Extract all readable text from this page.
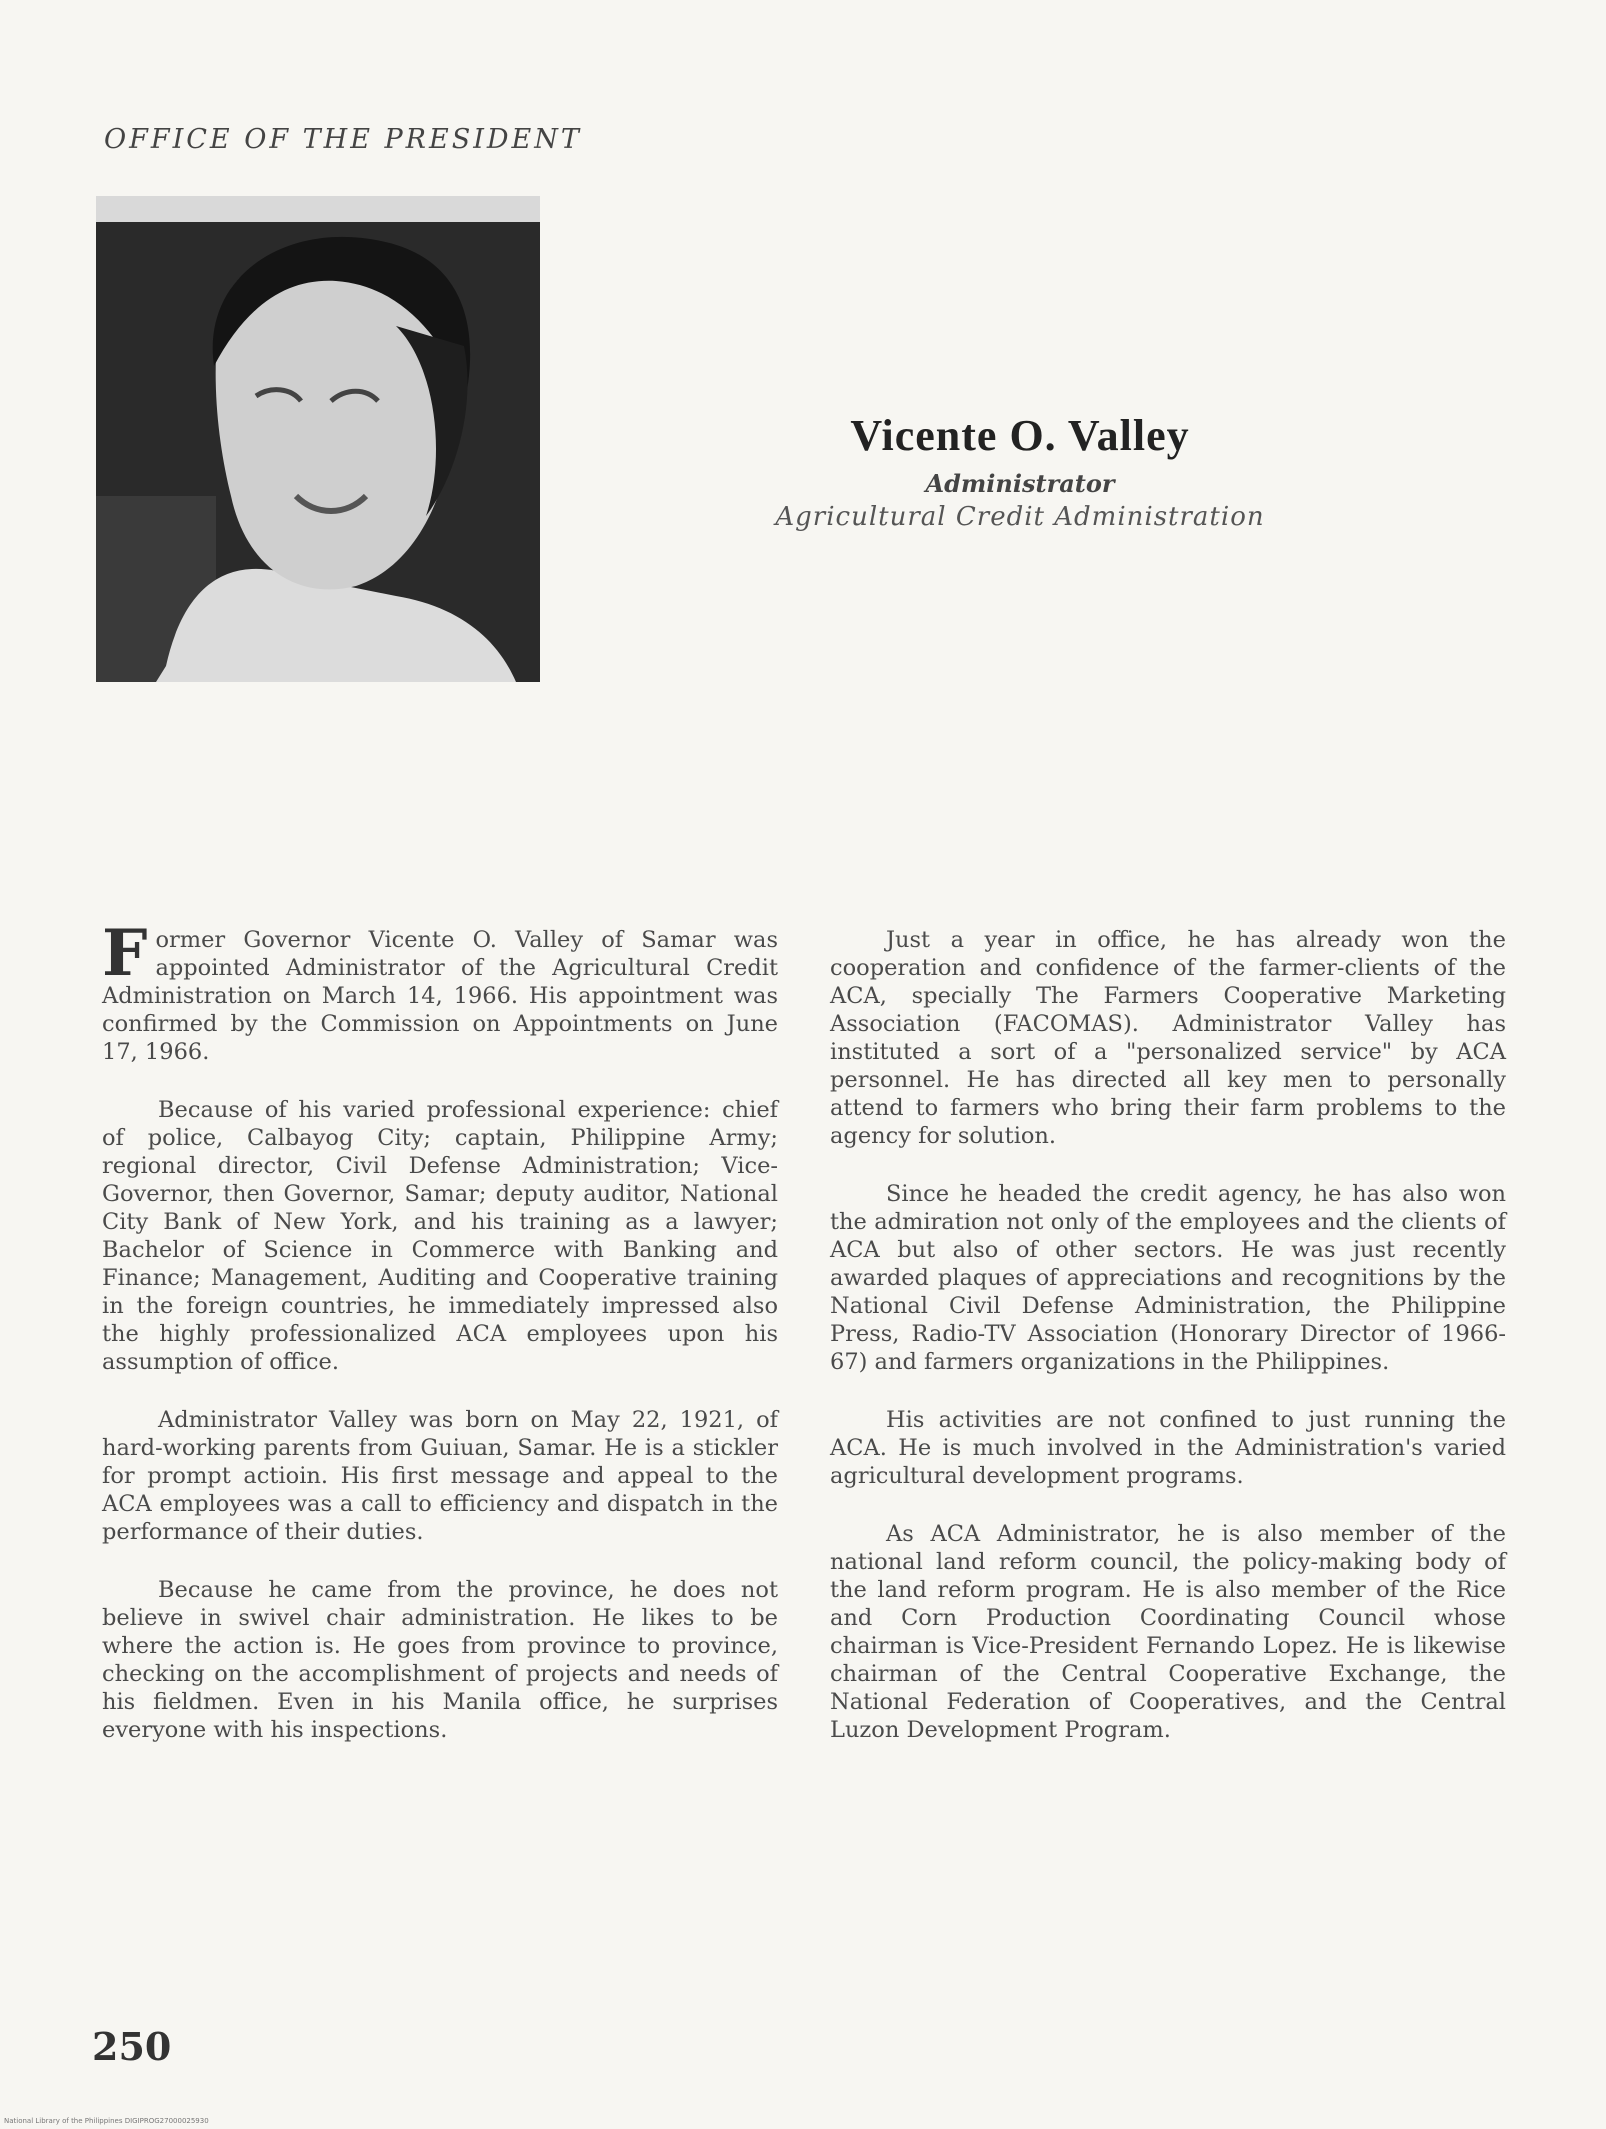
OFFICE OF THE PRESIDENT
Vicente O. Valley
Administrator
Agricultural Credit Administration

F ormer Governor Vicente O. Valley of Samar was appointed Administrator of the Agricultural Credit Administration on March 14, 1966. His appointment was confirmed by the Commission on Appointments on June 17, 1966.

Because of his varied professional experience: chief of police, Calbayog City; captain, Philippine Army; regional director, Civil Defense Administration; Vice-Governor, then Governor, Samar; deputy auditor, National City Bank of New York, and his training as a lawyer; Bachelor of Science in Commerce with Banking and Finance; Management, Auditing and Cooperative training in the foreign countries, he immediately impressed also the highly professionalized ACA employees upon his assumption of office.

Administrator Valley was born on May 22, 1921, of hard-working parents from Guiuan, Samar. He is a stickler for prompt actioin. His first message and appeal to the ACA employees was a call to efficiency and dispatch in the performance of their duties.

Because he came from the province, he does not believe in swivel chair administration. He likes to be where the action is. He goes from province to province, checking on the accomplishment of projects and needs of his fieldmen. Even in his Manila office, he surprises everyone with his inspections.

Just a year in office, he has already won the cooperation and confidence of the farmer-clients of the ACA, specially The Farmers Cooperative Marketing Association (FACOMAS). Administrator Valley has instituted a sort of a "personalized service" by ACA personnel. He has directed all key men to personally attend to farmers who bring their farm problems to the agency for solution.

Since he headed the credit agency, he has also won the admiration not only of the employees and the clients of ACA but also of other sectors. He was just recently awarded plaques of appreciations and recognitions by the National Civil Defense Administration, the Philippine Press, Radio-TV Association (Honorary Director of 1966-67) and farmers organizations in the Philippines.

His activities are not confined to just running the ACA. He is much involved in the Administration's varied agricultural development programs.

As ACA Administrator, he is also member of the national land reform council, the policy-making body of the land reform program. He is also member of the Rice and Corn Production Coordinating Council whose chairman is Vice-President Fernando Lopez. He is likewise chairman of the Central Cooperative Exchange, the National Federation of Cooperatives, and the Central Luzon Development Program.

250
National Library of the Philippines DIGIPROG27000025930
